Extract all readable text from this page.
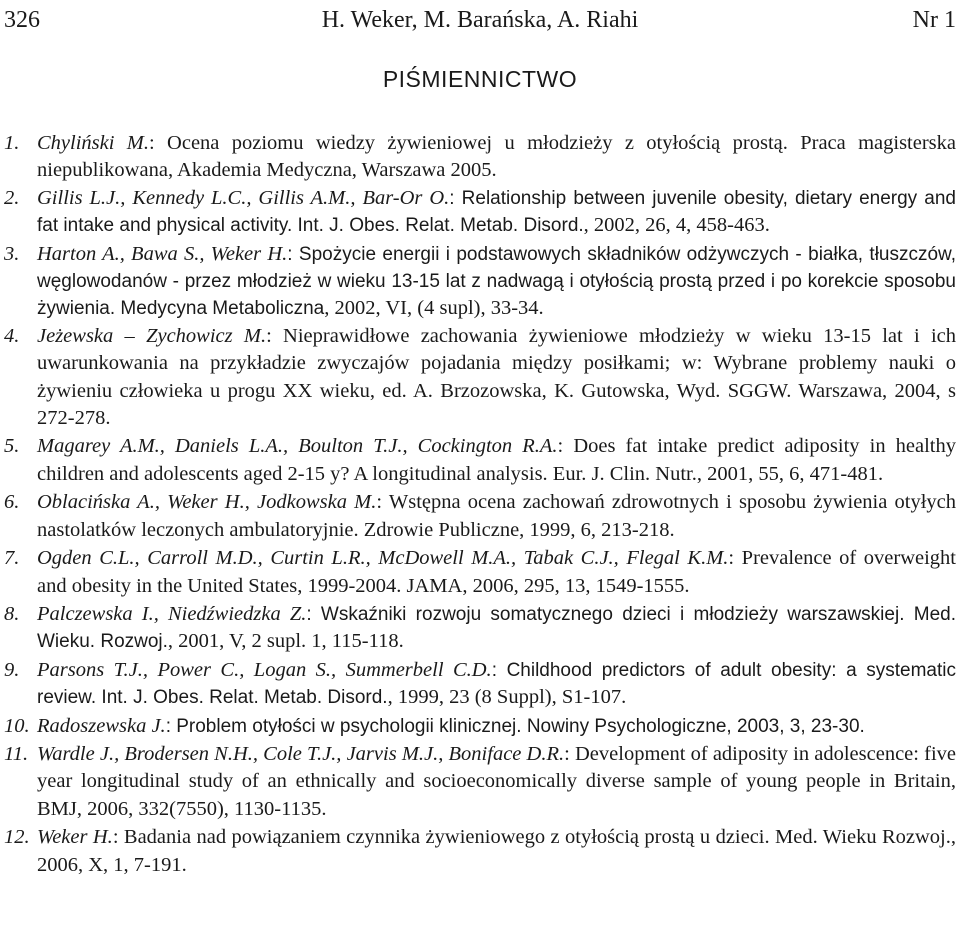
326	H. Weker, M. Barańska, A. Riahi	Nr 1
PIŚMIENNICTWO
1. Chyliński M.: Ocena poziomu wiedzy żywieniowej u młodzieży z otyłością prostą. Praca magisterska niepublikowana, Akademia Medyczna, Warszawa 2005.
2. Gillis L.J., Kennedy L.C., Gillis A.M., Bar-Or O.: Relationship between juvenile obesity, dietary energy and fat intake and physical activity. Int. J. Obes. Relat. Metab. Disord., 2002, 26, 4, 458-463.
3. Harton A., Bawa S., Weker H.: Spożycie energii i podstawowych składników odżywczych - białka, tłuszczów, węglowodanów - przez młodzież w wieku 13-15 lat z nadwagą i otyłością prostą przed i po korekcie sposobu żywienia. Medycyna Metaboliczna, 2002, VI, (4 supl), 33-34.
4. Jeżewska – Zychowicz M.: Nieprawidłowe zachowania żywieniowe młodzieży w wieku 13-15 lat i ich uwarunkowania na przykładzie zwyczajów pojadania między posiłkami; w: Wybrane problemy nauki o żywieniu człowieka u progu XX wieku, ed. A. Brzozowska, K. Gutowska, Wyd. SGGW. Warszawa, 2004, s 272-278.
5. Magarey A.M., Daniels L.A., Boulton T.J., Cockington R.A.: Does fat intake predict adiposity in healthy children and adolescents aged 2-15 y? A longitudinal analysis. Eur. J. Clin. Nutr., 2001, 55, 6, 471-481.
6. Oblacińska A., Weker H., Jodkowska M.: Wstępna ocena zachowań zdrowotnych i sposobu żywienia otyłych nastolatków leczonych ambulatoryjnie. Zdrowie Publiczne, 1999, 6, 213-218.
7. Ogden C.L., Carroll M.D., Curtin L.R., McDowell M.A., Tabak C.J., Flegal K.M.: Prevalence of overweight and obesity in the United States, 1999-2004. JAMA, 2006, 295, 13, 1549-1555.
8. Palczewska I., Niedźwiedzka Z.: Wskaźniki rozwoju somatycznego dzieci i młodzieży warszawskiej. Med. Wieku. Rozwoj., 2001, V, 2 supl. 1, 115-118.
9. Parsons T.J., Power C., Logan S., Summerbell C.D.: Childhood predictors of adult obesity: a systematic review. Int. J. Obes. Relat. Metab. Disord., 1999, 23 (8 Suppl), S1-107.
10. Radoszewska J.: Problem otyłości w psychologii klinicznej. Nowiny Psychologiczne, 2003, 3, 23-30.
11. Wardle J., Brodersen N.H., Cole T.J., Jarvis M.J., Boniface D.R.: Development of adiposity in adolescence: five year longitudinal study of an ethnically and socioeconomically diverse sample of young people in Britain, BMJ, 2006, 332(7550), 1130-1135.
12. Weker H.: Badania nad powiązaniem czynnika żywieniowego z otyłością prostą u dzieci. Med. Wieku Rozwoj., 2006, X, 1, 7-191.
